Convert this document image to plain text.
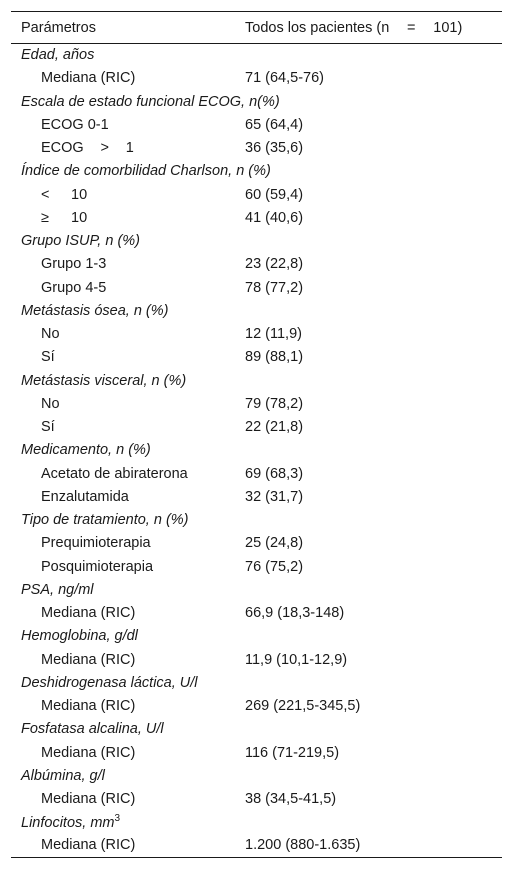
Parámetros	Todos los pacientes (n = 101)
Edad, años	
Mediana (RIC)	71 (64,5-76)
Escala de estado funcional ECOG, n(%)	
ECOG 0-1	65 (64,4)
ECOG > 1	36 (35,6)
Índice de comorbilidad Charlson, n (%)	
< 10	60 (59,4)
≥ 10	41 (40,6)
Grupo ISUP, n (%)	
Grupo 1-3	23 (22,8)
Grupo 4-5	78 (77,2)
Metástasis ósea, n (%)	
No	12 (11,9)
Sí	89 (88,1)
Metástasis visceral, n (%)	
No	79 (78,2)
Sí	22 (21,8)
Medicamento, n (%)	
Acetato de abiraterona	69 (68,3)
Enzalutamida	32 (31,7)
Tipo de tratamiento, n (%)	
Prequimioterapia	25 (24,8)
Posquimioterapia	76 (75,2)
PSA, ng/ml	
Mediana (RIC)	66,9 (18,3-148)
Hemoglobina, g/dl	
Mediana (RIC)	11,9 (10,1-12,9)
Deshidrogenasa láctica, U/l	
Mediana (RIC)	269 (221,5-345,5)
Fosfatasa alcalina, U/l	
Mediana (RIC)	116 (71-219,5)
Albúmina, g/l	
Mediana (RIC)	38 (34,5-41,5)
Linfocitos, $mm^3$
Mediana (RIC)	1.200 (880-1.635)
